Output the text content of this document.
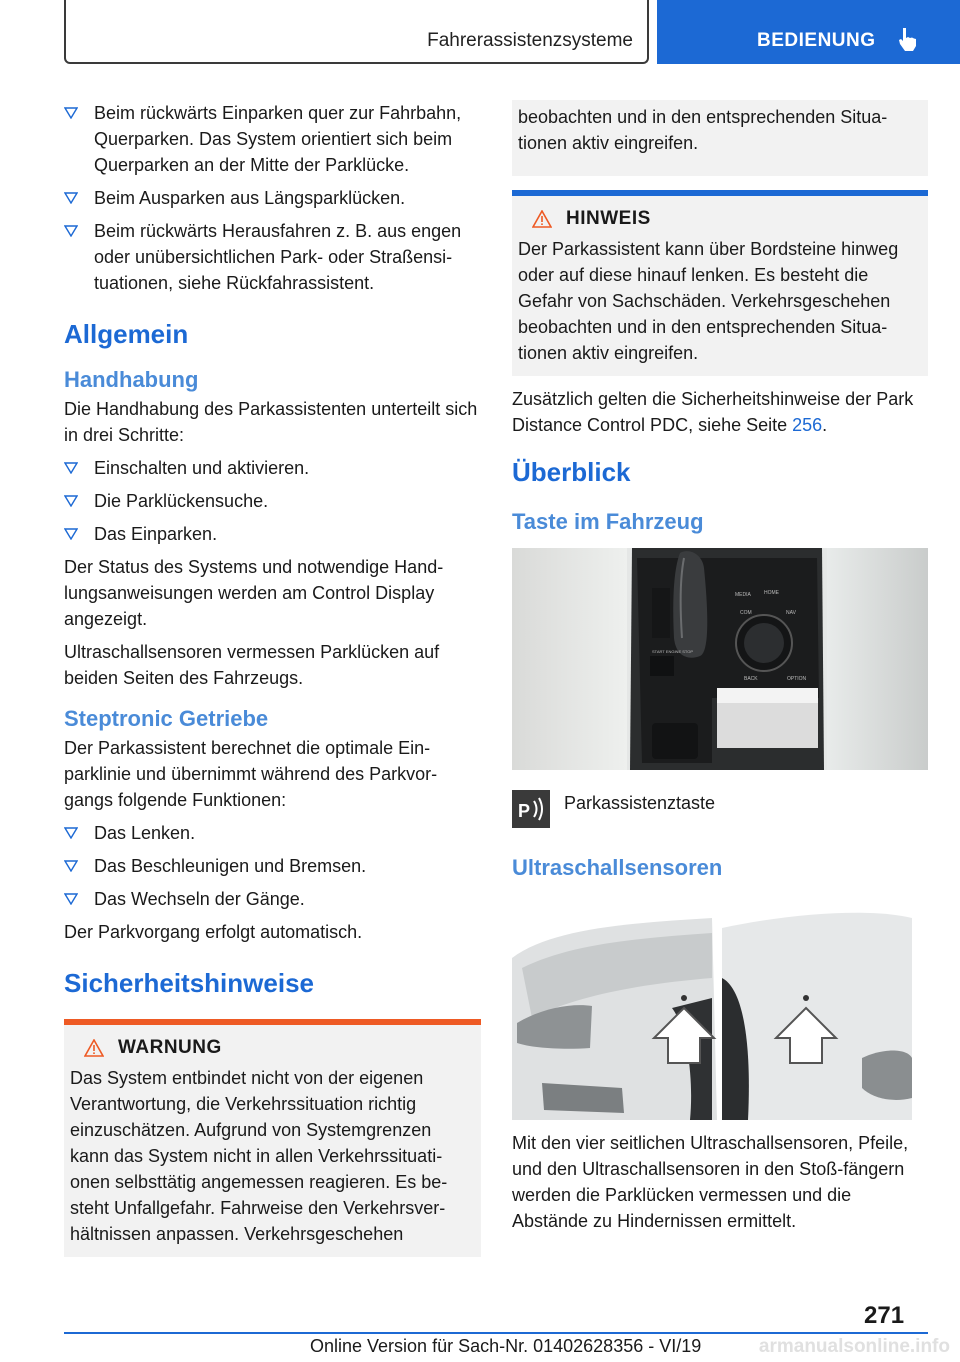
Fahrerassistenzsysteme	BEDIENUNG
Beim rückwärts Einparken quer zur Fahrbahn, Querparken. Das System orientiert sich beim Querparken an der Mitte der Parklücke.
Beim Ausparken aus Längsparklücken.
Beim rückwärts Herausfahren z. B. aus engen oder unübersichtlichen Park- oder Straßensi-tuationen, siehe Rückfahrassistent.
Allgemein
Handhabung

Die Handhabung des Parkassistenten unterteilt sich in drei Schritte:

Einschalten und aktivieren.
Die Parklückensuche.
Das Einparken.

Der Status des Systems und notwendige Hand-lungsanweisungen werden am Control Display angezeigt.

Ultraschallsensoren vermessen Parklücken auf beiden Seiten des Fahrzeugs.

Steptronic Getriebe

Der Parkassistent berechnet die optimale Ein-parklinie und übernimmt während des Parkvor-gangs folgende Funktionen:

Das Lenken.
Das Beschleunigen und Bremsen.
Das Wechseln der Gänge.

Der Parkvorgang erfolgt automatisch.

Sicherheitshinweise
WARNUNG
Das System entbindet nicht von der eigenen Verantwortung, die Verkehrssituation richtig einzuschätzen. Aufgrund von Systemgrenzen kann das System nicht in allen Verkehrssituati-onen selbsttätig angemessen reagieren. Es be-steht Unfallgefahr. Fahrweise den Verkehrsver-hältnissen anpassen. Verkehrsgeschehen
beobachten und in den entsprechenden Situa-tionen aktiv eingreifen.
HINWEIS
Der Parkassistent kann über Bordsteine hinweg oder auf diese hinauf lenken. Es besteht die Gefahr von Sachschäden. Verkehrsgeschehen beobachten und in den entsprechenden Situa-tionen aktiv eingreifen.

Zusätzlich gelten die Sicherheitshinweise der Park Distance Control PDC, siehe Seite 256.

Überblick
Taste im Fahrzeug
MEDIA	HOME
COM	NAV
BACK	OPTION
START ENGINE STOP
P Parkassistenztaste
Ultraschallsensoren

Mit den vier seitlichen Ultraschallsensoren, Pfeile, und den Ultraschallsensoren in den Stoß-fängern werden die Parklücken vermessen und die Abstände zu Hindernissen ermittelt.

271
Online Version für Sach-Nr. 01402628356 - VI/19	armanualsonline.info
